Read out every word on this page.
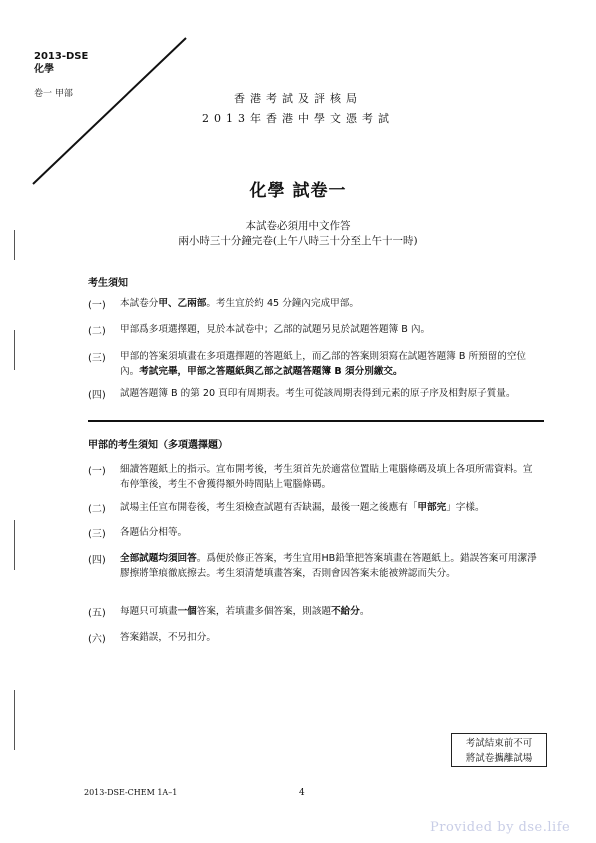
2013-DSE
化學
卷一 甲部	香港考試及評核局
2013年香港中學文憑考試
化學 試卷一
本試卷必須用中文作答
兩小時三十分鐘完卷(上午八時三十分至上午十一時)
考生須知
(一) 本試卷分甲、乙兩部。考生宜於約 45 分鐘內完成甲部。
(二) 甲部爲多項選擇題，見於本試卷中；乙部的試題另見於試題答題簿 B 內。
(三) 甲部的答案須填畫在多項選擇題的答題紙上，而乙部的答案則須寫在試題答題簿 B 所預留的空位內。考試完畢，甲部之答題紙與乙部之試題答題簿 B 須分別繳交。
(四) 試題答題簿 B 的第 20 頁印有周期表。考生可從該周期表得到元素的原子序及相對原子質量。
甲部的考生須知（多項選擇題）
(一) 細讀答題紙上的指示。宣布開考後，考生須首先於適當位置貼上電腦條碼及填上各項所需資料。宣布停筆後，考生不會獲得額外時間貼上電腦條碼。
(二) 試場主任宣布開卷後，考生須檢查試題有否缺漏，最後一題之後應有「甲部完」字樣。
(三) 各題佔分相等。
(四) 全部試題均須回答。爲便於修正答案，考生宜用HB鉛筆把答案填畫在答題紙上。錯誤答案可用潔淨膠擦將筆痕徹底擦去。考生須清楚填畫答案，否則會因答案未能被辨認而失分。
(五) 每題只可填畫一個答案，若填畫多個答案，則該題不給分。
(六) 答案錯誤，不另扣分。
考試結束前不可
將試卷攜離試場
2013-DSE-CHEM 1A–1	4
Provided by dse.life
